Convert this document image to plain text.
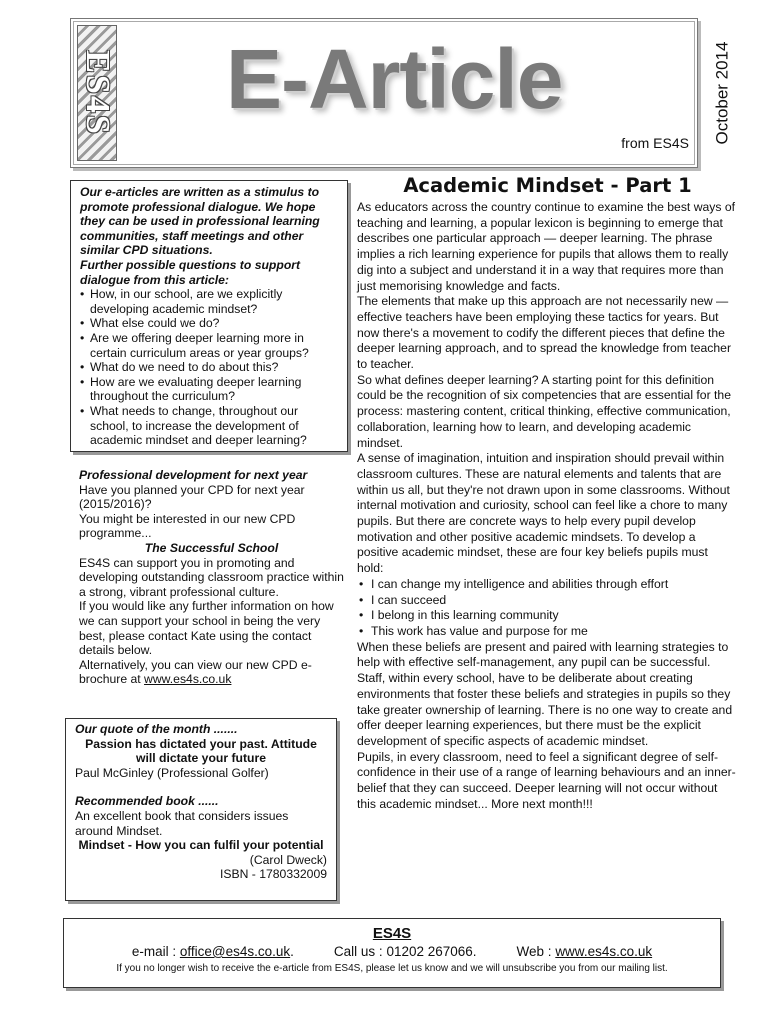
ES4S E-Article
from ES4S October 2014
Our e-articles are written as a stimulus to promote professional dialogue. We hope they can be used in professional learning communities, staff meetings and other similar CPD situations.
Further possible questions to support dialogue from this article:
• How, in our school, are we explicitly developing academic mindset?
• What else could we do?
• Are we offering deeper learning more in certain curriculum areas or year groups?
• What do we need to do about this?
• How are we evaluating deeper learning throughout the curriculum?
• What needs to change, throughout our school, to increase the development of academic mindset and deeper learning?
Professional development for next year
Have you planned your CPD for next year (2015/2016)?
You might be interested in our new CPD programme...
The Successful School
ES4S can support you in promoting and developing outstanding classroom practice within a strong, vibrant professional culture.
If you would like any further information on how we can support your school in being the very best, please contact Kate using the contact details below.
Alternatively, you can view our new CPD e-brochure at www.es4s.co.uk
Our quote of the month .......
Passion has dictated your past. Attitude will dictate your future
Paul McGinley (Professional Golfer)
Recommended book ......
An excellent book that considers issues around Mindset.
Mindset - How you can fulfil your potential
(Carol Dweck)
ISBN - 1780332009
Academic Mindset - Part 1
As educators across the country continue to examine the best ways of teaching and learning, a popular lexicon is beginning to emerge that describes one particular approach — deeper learning. The phrase implies a rich learning experience for pupils that allows them to really dig into a subject and understand it in a way that requires more than just memorising knowledge and facts.
The elements that make up this approach are not necessarily new — effective teachers have been employing these tactics for years. But now there's a movement to codify the different pieces that define the deeper learning approach, and to spread the knowledge from teacher to teacher.
So what defines deeper learning? A starting point for this definition could be the recognition of six competencies that are essential for the process: mastering content, critical thinking, effective communication, collaboration, learning how to learn, and developing academic mindset.
A sense of imagination, intuition and inspiration should prevail within classroom cultures. These are natural elements and talents that are within us all, but they're not drawn upon in some classrooms. Without internal motivation and curiosity, school can feel like a chore to many pupils. But there are concrete ways to help every pupil develop motivation and other positive academic mindsets. To develop a positive academic mindset, these are four key beliefs pupils must hold:
• I can change my intelligence and abilities through effort
• I can succeed
• I belong in this learning community
• This work has value and purpose for me
When these beliefs are present and paired with learning strategies to help with effective self-management, any pupil can be successful. Staff, within every school, have to be deliberate about creating environments that foster these beliefs and strategies in pupils so they take greater ownership of learning. There is no one way to create and offer deeper learning experiences, but there must be the explicit development of specific aspects of academic mindset.
Pupils, in every classroom, need to feel a significant degree of self-confidence in their use of a range of learning behaviours and an inner-belief that they can succeed. Deeper learning will not occur without this academic mindset... More next month!!!
ES4S
e-mail : office@es4s.co.uk.	Call us : 01202 267066.	Web : www.es4s.co.uk
If you no longer wish to receive the e-article from ES4S, please let us know and we will unsubscribe you from our mailing list.
